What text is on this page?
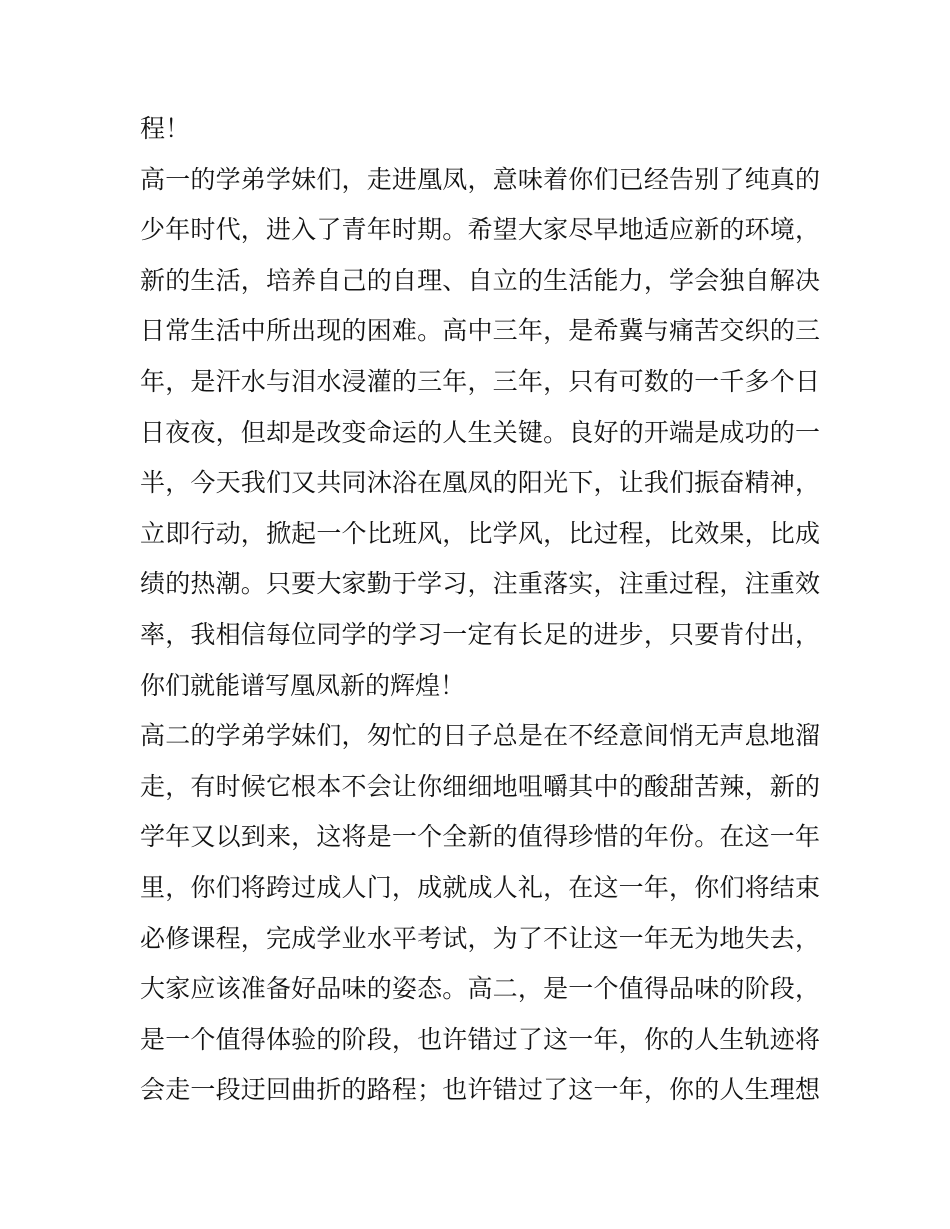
程！
高一的学弟学妹们，走进凰凤，意味着你们已经告别了纯真的
少年时代，进入了青年时期。希望大家尽早地适应新的环境，
新的生活，培养自己的自理、自立的生活能力，学会独自解决
日常生活中所出现的困难。高中三年，是希冀与痛苦交织的三
年，是汗水与泪水浸灌的三年，三年，只有可数的一千多个日
日夜夜，但却是改变命运的人生关键。良好的开端是成功的一
半，今天我们又共同沐浴在凰凤的阳光下，让我们振奋精神，
立即行动，掀起一个比班风，比学风，比过程，比效果，比成
绩的热潮。只要大家勤于学习，注重落实，注重过程，注重效
率，我相信每位同学的学习一定有长足的进步，只要肯付出，
你们就能谱写凰凤新的辉煌！
高二的学弟学妹们，匆忙的日子总是在不经意间悄无声息地溜
走，有时候它根本不会让你细细地咀嚼其中的酸甜苦辣，新的
学年又以到来，这将是一个全新的值得珍惜的年份。在这一年
里，你们将跨过成人门，成就成人礼，在这一年，你们将结束
必修课程，完成学业水平考试，为了不让这一年无为地失去，
大家应该准备好品味的姿态。高二，是一个值得品味的阶段，
是一个值得体验的阶段，也许错过了这一年，你的人生轨迹将
会走一段迂回曲折的路程；也许错过了这一年，你的人生理想
